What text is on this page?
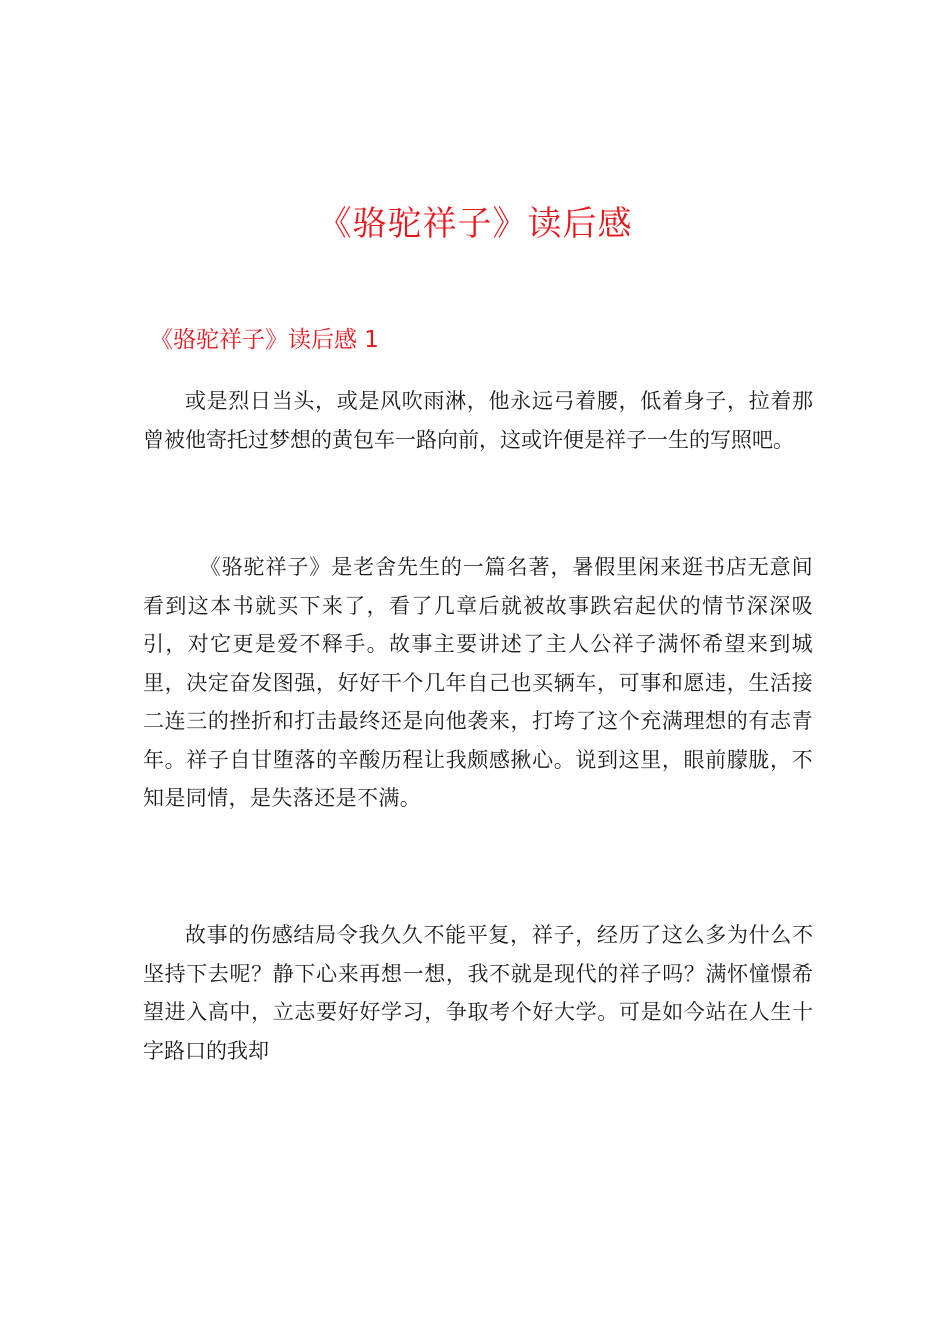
《骆驼祥子》读后感
《骆驼祥子》读后感 1

或是烈日当头，或是风吹雨淋，他永远弓着腰，低着身子，拉着那曾被他寄托过梦想的黄包车一路向前，这或许便是祥子一生的写照吧。

《骆驼祥子》是老舍先生的一篇名著，暑假里闲来逛书店无意间看到这本书就买下来了，看了几章后就被故事跌宕起伏的情节深深吸引，对它更是爱不释手。故事主要讲述了主人公祥子满怀希望来到城里，决定奋发图强，好好干个几年自己也买辆车，可事和愿违，生活接二连三的挫折和打击最终还是向他袭来，打垮了这个充满理想的有志青年。祥子自甘堕落的辛酸历程让我颇感揪心。说到这里，眼前朦胧，不知是同情，是失落还是不满。

故事的伤感结局令我久久不能平复，祥子，经历了这么多为什么不坚持下去呢？静下心来再想一想，我不就是现代的祥子吗？满怀憧憬希望进入高中，立志要好好学习，争取考个好大学。可是如今站在人生十字路口的我却
